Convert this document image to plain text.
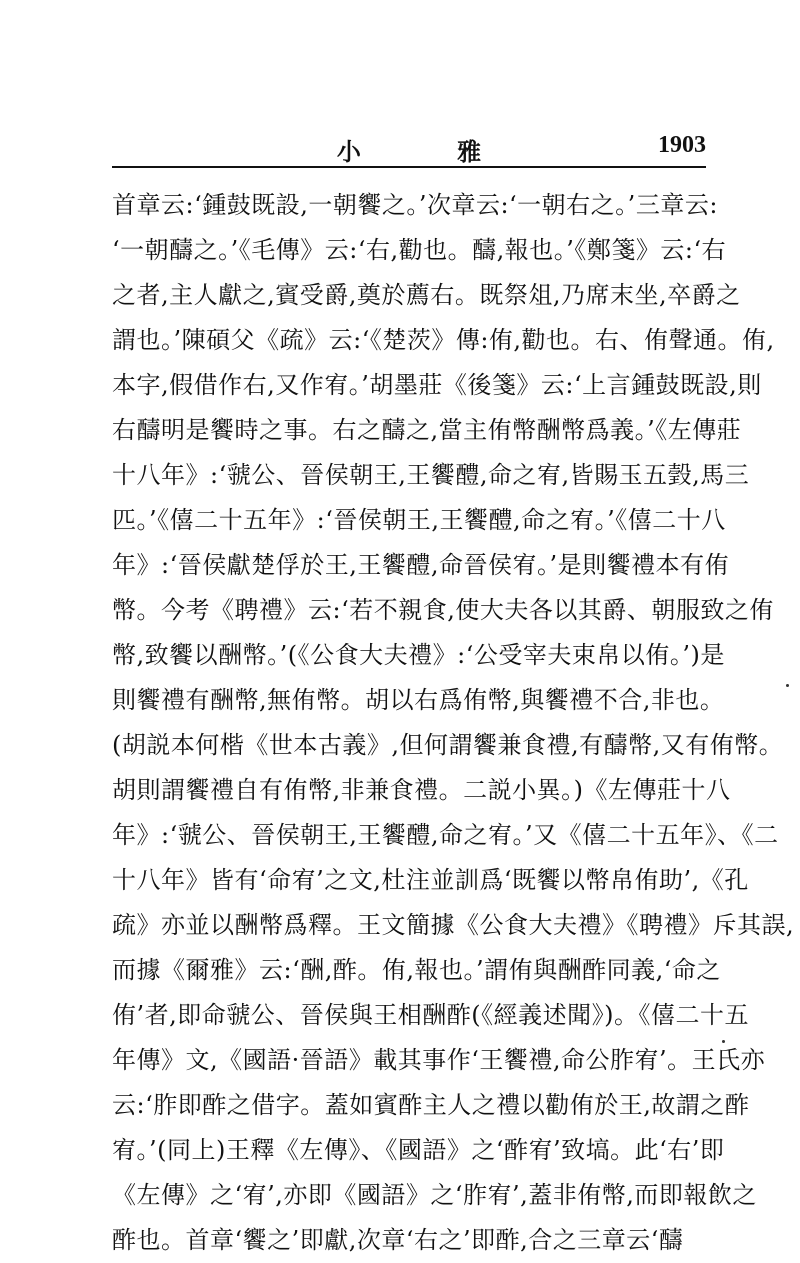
小 雅	1903
首章云:‘鍾鼓既設,一朝饗之。’次章云:‘一朝右之。’三章云:
‘一朝醻之。’《毛傳》云:‘右,勸也。醻,報也。’《鄭箋》云:‘右
之者,主人獻之,賓受爵,奠於薦右。既祭俎,乃席末坐,卒爵之
謂也。’陳碩父《疏》云:‘《楚茨》傳:侑,勸也。右、侑聲通。侑,
本字,假借作右,又作宥。’胡墨莊《後箋》云:‘上言鍾鼓既設,則
右醻明是饗時之事。右之醻之,當主侑幣酬幣爲義。’《左傳莊
十八年》:‘虢公、晉侯朝王,王饗醴,命之宥,皆賜玉五瑴,馬三
匹。’《僖二十五年》:‘晉侯朝王,王饗醴,命之宥。’《僖二十八
年》:‘晉侯獻楚俘於王,王饗醴,命晉侯宥。’是則饗禮本有侑
幣。今考《聘禮》云:‘若不親食,使大夫各以其爵、朝服致之侑
幣,致饗以酬幣。’(《公食大夫禮》:‘公受宰夫束帛以侑。’)是
則饗禮有酬幣,無侑幣。胡以右爲侑幣,與饗禮不合,非也。
(胡説本何楷《世本古義》,但何謂饗兼食禮,有醻幣,又有侑幣。
胡則謂饗禮自有侑幣,非兼食禮。二説小異。)《左傳莊十八
年》:‘虢公、晉侯朝王,王饗醴,命之宥。’又《僖二十五年》、《二
十八年》皆有‘命宥’之文,杜注並訓爲‘既饗以幣帛侑助’,《孔
疏》亦並以酬幣爲釋。王文簡據《公食大夫禮》《聘禮》斥其誤,
而據《爾雅》云:‘酬,酢。侑,報也。’謂侑與酬酢同義,‘命之
侑’者,即命虢公、晉侯與王相酬酢(《經義述聞》)。《僖二十五
年傳》文,《國語·晉語》載其事作‘王饗禮,命公胙宥’。王氏亦
云:‘胙即酢之借字。蓋如賓酢主人之禮以勸侑於王,故謂之酢
宥。’(同上)王釋《左傳》、《國語》之‘酢宥’致塙。此‘右’即
《左傳》之‘宥’,亦即《國語》之‘胙宥’,蓋非侑幣,而即報飲之
酢也。首章‘饗之’即獻,次章‘右之’即酢,合之三章云‘醻
